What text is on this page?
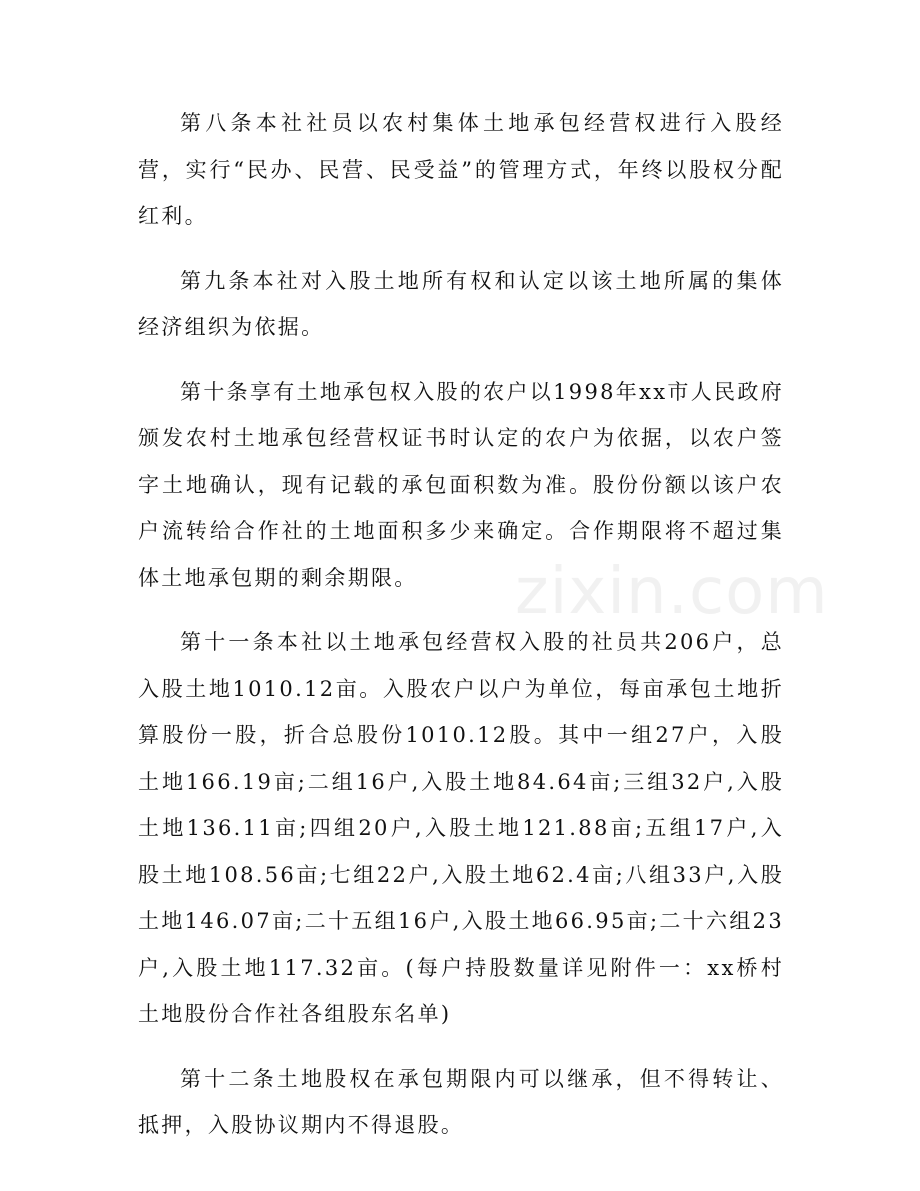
第八条本社社员以农村集体土地承包经营权进行入股经营，实行“民办、民营、民受益”的管理方式，年终以股权分配红利。

第九条本社对入股土地所有权和认定以该土地所属的集体经济组织为依据。

第十条享有土地承包权入股的农户以1998年xx市人民政府颁发农村土地承包经营权证书时认定的农户为依据，以农户签字土地确认，现有记载的承包面积数为准。股份份额以该户农户流转给合作社的土地面积多少来确定。合作期限将不超过集体土地承包期的剩余期限。

第十一条本社以土地承包经营权入股的社员共206户，总入股土地1010.12亩。入股农户以户为单位，每亩承包土地折算股份一股，折合总股份1010.12股。其中一组27户，入股土地166.19亩;二组16户,入股土地84.64亩;三组32户,入股土地136.11亩;四组20户,入股土地121.88亩;五组17户,入股土地108.56亩;七组22户,入股土地62.4亩;八组33户,入股土地146.07亩;二十五组16户,入股土地66.95亩;二十六组23户,入股土地117.32亩。(每户持股数量详见附件一：xx桥村土地股份合作社各组股东名单)

第十二条土地股权在承包期限内可以继承，但不得转让、抵押，入股协议期内不得退股。

zixin.com
